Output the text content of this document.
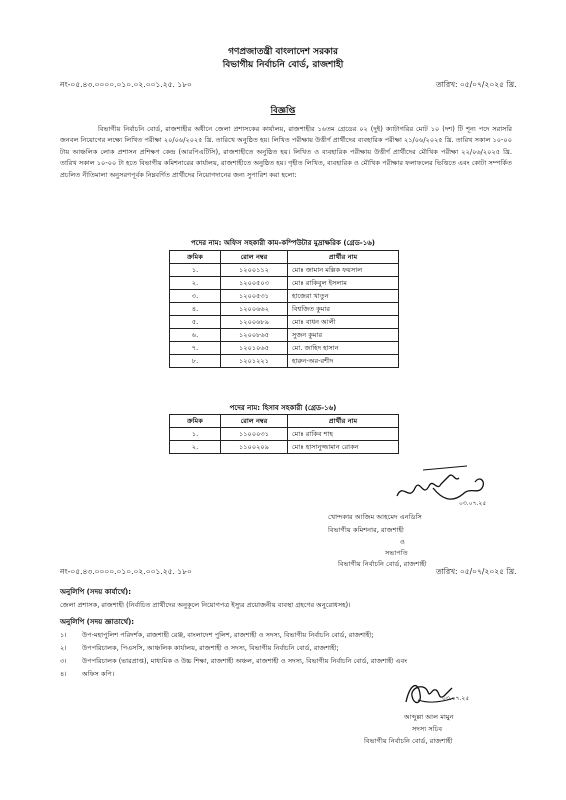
গণপ্রজাতন্ত্রী বাংলাদেশ সরকার
বিভাগীয় নির্বাচনি বোর্ড, রাজশাহী
নং-০৫.৪৩.০০০০.০১০.০২.০০১.২৫. ১৮০	তারিখ: ০৫/০৭/২০২৫ খ্রি.
বিজ্ঞপ্তি
বিভাগীয় নির্বাচনি বোর্ড, রাজশাহীর অধীনে জেলা প্রশাসকের কার্যালয়, রাজশাহীর ১৬তম গ্রেডের ০২ (দুই) ক্যাটাগরির মোট ১০ (দশ) টি শূন্য পদে সরাসরি জনবল নিয়োগের লক্ষ্যে লিখিত পরীক্ষা ২০/০৬/২০২৫ খ্রি. তারিখে অনুষ্ঠিত হয়। লিখিত পরীক্ষায় উত্তীর্ণ প্রার্থীদের ব্যবহারিক পরীক্ষা ২১/০৬/২০২৫ খ্রি. তারিখ সকাল ১০-০০ টায় আঞ্চলিক লোক প্রশাসন প্রশিক্ষণ কেন্দ্র (আরপিএটিসি), রাজশাহীতে অনুষ্ঠিত হয়। লিখিত ও ব্যবহারিক পরীক্ষায় উত্তীর্ণ প্রার্থীদের মৌখিক পরীক্ষা ২২/০৬/২০২৫ খ্রি. তারিখ সকাল ১০-০০ টা হতে বিভাগীয় কমিশনারের কার্যালয়, রাজশাহীতে অনুষ্ঠিত হয়। গৃহীত লিখিত, ব্যবহারিক ও মৌখিক পরীক্ষার ফলাফলের ভিত্তিতে এবং কোটা সম্পর্কিত প্রচলিত নীতিমালা অনুসরণপূর্বক নিম্নবর্ণিত প্রার্থীদের নিয়োগদানের জন্য সুপারিশ করা হলো:
পদের নাম: অফিস সহকারী কাম-কম্পিউটার মুদ্রাক্ষরিক (গ্রেড-১৬)
ক্রমিক	রোল নম্বর	প্রার্থীর নাম
১.	১২০০১১২	মোঃ জামান মল্লিক ফয়সাল
২.	১২০০৫০৩	মোঃ রাকিবুল ইসলাম
৩.	১২০০৫৩১	হাজেরা খাতুন
৪.	১২০০৬৬২	বিশ্বজিত কুমার
৫.	১২০০৬৮৯	মোঃ বাধন আলী
৬.	১২০০৮৬৫	সুজন কুমার
৭.	১২০১০৬৫	মো. জাহিদ হাসান
৮.	১২০১২২১	হারুন-অর-রশীদ
পদের নাম: হিসাব সহকারী (গ্রেড-১৬)
ক্রমিক	রোল নম্বর	প্রার্থীর নাম
১.	১১০০০৩১	মোঃ রাকিব শাহ
২.	১১০০২০৯	মোঃ হাসানুজ্জামান রোকন
০৩.০৭.২৫
খোন্দকার আজিম আহমেদ এনডিসি
বিভাগীয় কমিশনার, রাজশাহী
ও
সভাপতি
বিভাগীয় নির্বাচনি বোর্ড, রাজশাহী
নং-০৫.৪৩.০০০০.০১০.০২.০০১.২৫. ১৮০	তারিখ: ০৫/০৭/২০২৫ খ্রি.
অনুলিপি (সদয় কার্যার্থে):
জেলা প্রশাসক, রাজশাহী (নির্বাচিত প্রার্থীদের অনুকূলে নিয়োগপত্র ইস্যুর প্রয়োজনীয় ব্যবস্থা গ্রহণের অনুরোধসহ)।
অনুলিপি (সদয় জ্ঞাতার্থে):
১। উপ-মহাপুলিশ পরিদর্শক, রাজশাহী রেঞ্জ, বাংলাদেশ পুলিশ, রাজশাহী ও সদস্য, বিভাগীয় নির্বাচনি বোর্ড, রাজশাহী;
২। উপপরিচালক, পিএসসি, আঞ্চলিক কার্যালয়, রাজশাহী ও সদস্য, বিভাগীয় নির্বাচনি বোর্ড, রাজশাহী;
৩। উপপরিচালক (ভারপ্রাপ্ত), মাধ্যমিক ও উচ্চ শিক্ষা, রাজশাহী অঞ্চল, রাজশাহী ও সদস্য, বিভাগীয় নির্বাচনি বোর্ড, রাজশাহী এবং
৪। অফিস কপি।
০৩.০৭.২৫
আব্দুল্লা আল মামুন
সদস্য সচিব
বিভাগীয় নির্বাচনি বোর্ড, রাজশাহী
